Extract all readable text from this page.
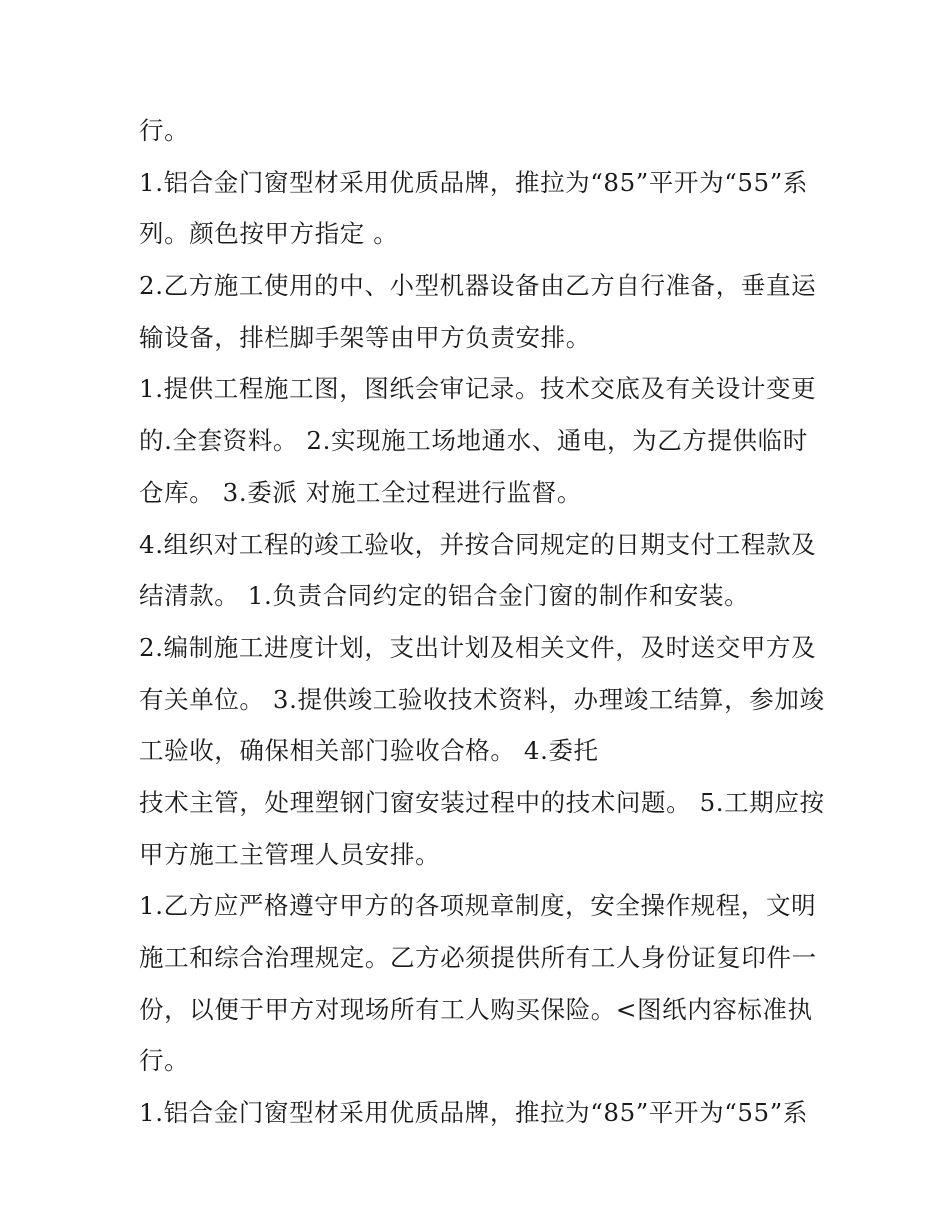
行。
1.铝合金门窗型材采用优质品牌，推拉为“85”平开为“55”系
列。颜色按甲方指定 。
2.乙方施工使用的中、小型机器设备由乙方自行准备，垂直运
输设备，排栏脚手架等由甲方负责安排。
1.提供工程施工图，图纸会审记录。技术交底及有关设计变更
的.全套资料。 2.实现施工场地通水、通电，为乙方提供临时
仓库。 3.委派 对施工全过程进行监督。
4.组织对工程的竣工验收，并按合同规定的日期支付工程款及
结清款。 1.负责合同约定的铝合金门窗的制作和安装。
2.编制施工进度计划，支出计划及相关文件，及时送交甲方及
有关单位。 3.提供竣工验收技术资料，办理竣工结算，参加竣
工验收，确保相关部门验收合格。 4.委托
技术主管，处理塑钢门窗安装过程中的技术问题。 5.工期应按
甲方施工主管理人员安排。
1.乙方应严格遵守甲方的各项规章制度，安全操作规程，文明
施工和综合治理规定。乙方必须提供所有工人身份证复印件一
份，以便于甲方对现场所有工人购买保险。<图纸内容标准执
行。
1.铝合金门窗型材采用优质品牌，推拉为“85”平开为“55”系
